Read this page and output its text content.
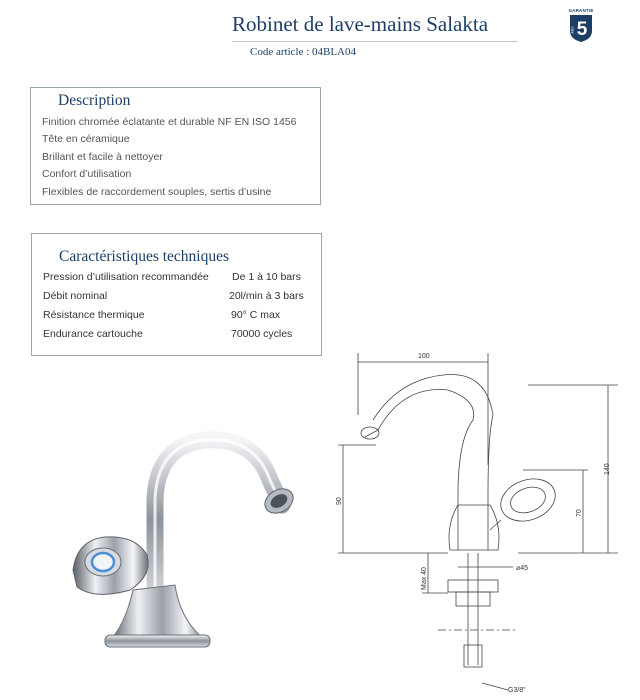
Robinet de lave-mains Salakta
Code article : 04BLA04
GARANTIE
5
ANS
Description
Finition chromée éclatante et durable NF EN ISO 1456
Tête en céramique
Brillant et facile à nettoyer
Confort d’utilisation
Flexibles de raccordement souples, sertis d’usine
Caractéristiques techniques
Pression d’utilisation recommandée De 1 à 10 bars
Débit nominal	20l/min à 3 bars
Résistance thermique	90° C max
Endurance cartouche	70000 cycles
100
140
90
70
Max 40	⌀45
G3/8"
